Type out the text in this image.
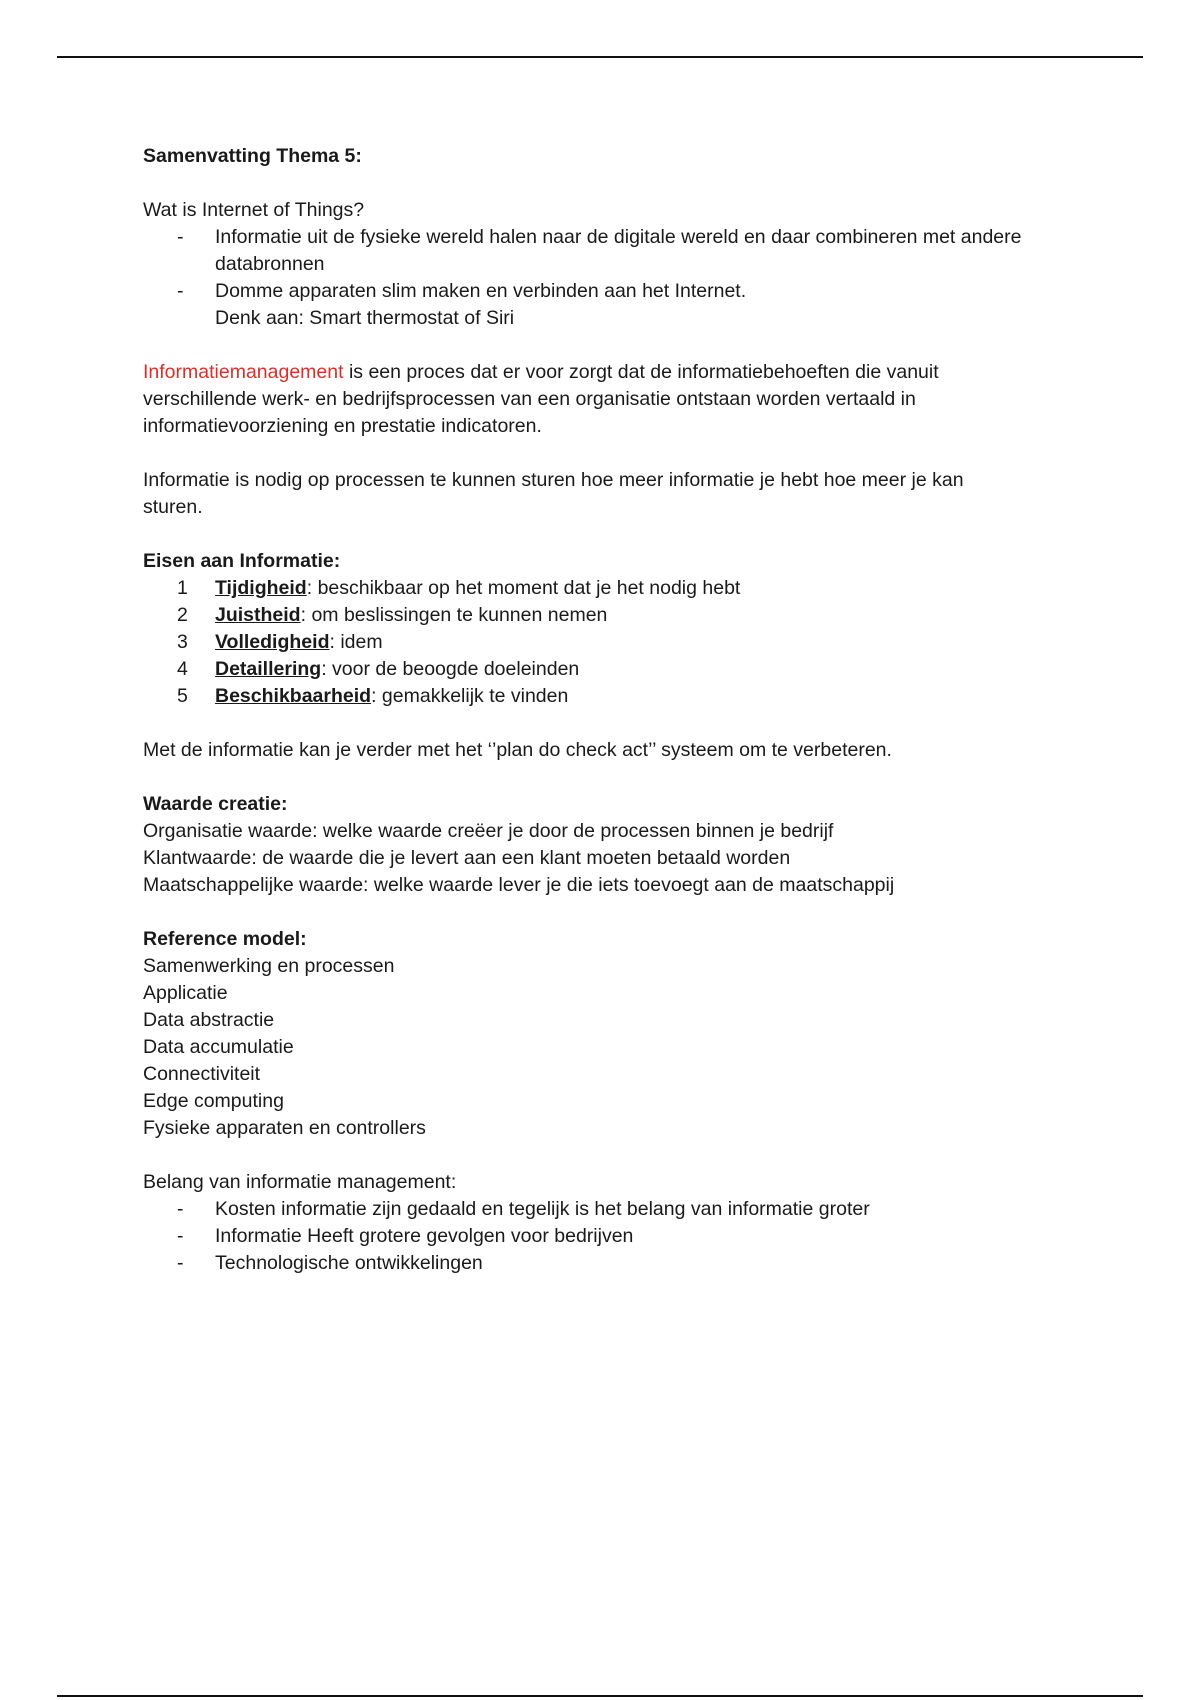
Samenvatting Thema 5:
Wat is Internet of Things?
- Informatie uit de fysieke wereld halen naar de digitale wereld en daar combineren met andere databronnen
- Domme apparaten slim maken en verbinden aan het Internet.
Denk aan: Smart thermostat of Siri
Informatiemanagement is een proces dat er voor zorgt dat de informatiebehoeften die vanuit verschillende werk- en bedrijfsprocessen van een organisatie ontstaan worden vertaald in informatievoorziening en prestatie indicatoren.
Informatie is nodig op processen te kunnen sturen hoe meer informatie je hebt hoe meer je kan sturen.
Eisen aan Informatie:
1 Tijdigheid: beschikbaar op het moment dat je het nodig hebt
2 Juistheid: om beslissingen te kunnen nemen
3 Volledigheid: idem
4 Detaillering: voor de beoogde doeleinden
5 Beschikbaarheid: gemakkelijk te vinden
Met de informatie kan je verder met het ‘’plan do check act’’ systeem om te verbeteren.
Waarde creatie:
Organisatie waarde: welke waarde creëer je door de processen binnen je bedrijf
Klantwaarde: de waarde die je levert aan een klant moeten betaald worden
Maatschappelijke waarde: welke waarde lever je die iets toevoegt aan de maatschappij
Reference model:
Samenwerking en processen
Applicatie
Data abstractie
Data accumulatie
Connectiviteit
Edge computing
Fysieke apparaten en controllers
Belang van informatie management:
- Kosten informatie zijn gedaald en tegelijk is het belang van informatie groter
- Informatie Heeft grotere gevolgen voor bedrijven
- Technologische ontwikkelingen
